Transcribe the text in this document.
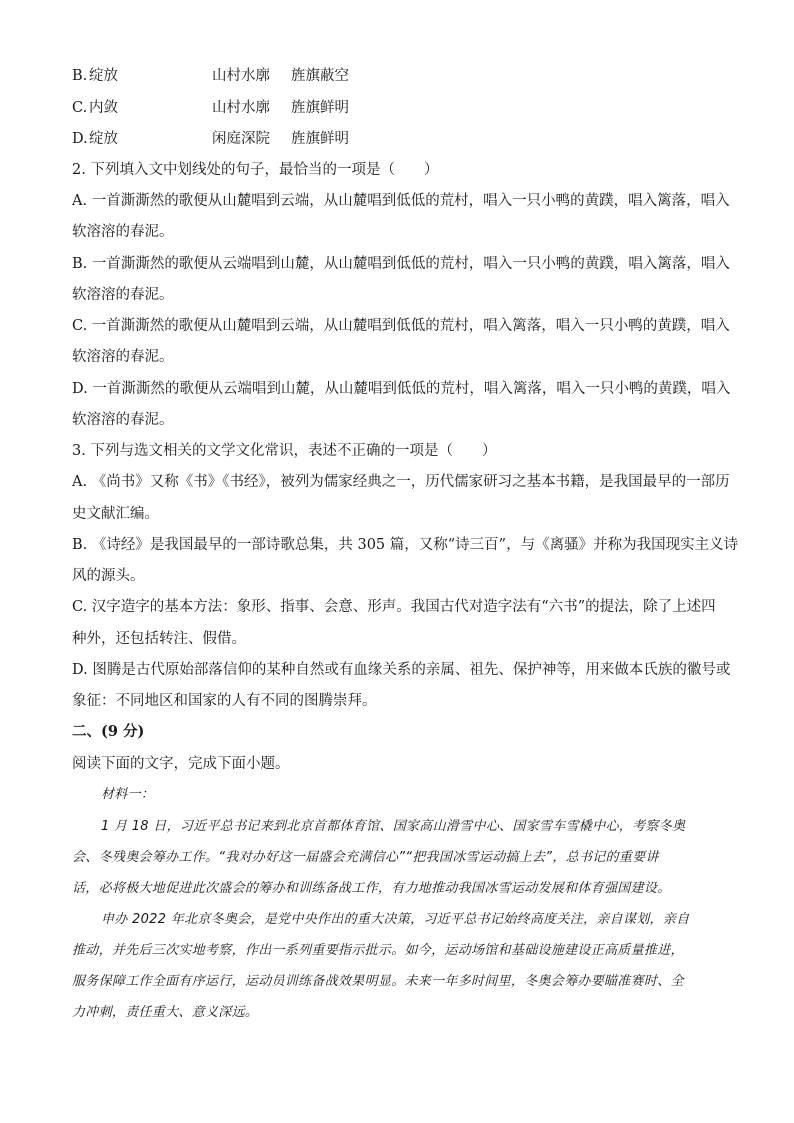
B. 绽放	山村水廓 旌旗蔽空
C. 内敛	山村水廓 旌旗鲜明
D.绽放	闲庭深院 旌旗鲜明
2. 下列填入文中划线处的句子，最恰当的一项是（　　）
A. 一首澌澌然的歌便从山麓唱到云端，从山麓唱到低低的荒村，唱入一只小鸭的黄蹼，唱入篱落，唱入
软溶溶的春泥。
B. 一首澌澌然的歌便从云端唱到山麓，从山麓唱到低低的荒村，唱入一只小鸭的黄蹼，唱入篱落，唱入
软溶溶的春泥。
C. 一首澌澌然的歌便从山麓唱到云端，从山麓唱到低低的荒村，唱入篱落，唱入一只小鸭的黄蹼，唱入
软溶溶的春泥。
D. 一首澌澌然的歌便从云端唱到山麓，从山麓唱到低低的荒村，唱入篱落，唱入一只小鸭的黄蹼，唱入
软溶溶的春泥。
3. 下列与选文相关的文学文化常识，表述不正确的一项是（　　）
A. 《尚书》又称《书》《书经》，被列为儒家经典之一，历代儒家研习之基本书籍，是我国最早的一部历
史文献汇编。
B. 《诗经》是我国最早的一部诗歌总集，共 305 篇，又称“诗三百”，与《离骚》并称为我国现实主义诗
风的源头。
C. 汉字造字的基本方法：象形、指事、会意、形声。我国古代对造字法有“六书”的提法，除了上述四
种外，还包括转注、假借。
D. 图腾是古代原始部落信仰的某种自然或有血缘关系的亲属、祖先、保护神等，用来做本氏族的徽号或
象征：不同地区和国家的人有不同的图腾崇拜。
二、(9 分)
阅读下面的文字，完成下面小题。
材料一：
1 月 18 日，习近平总书记来到北京首都体育馆、国家高山滑雪中心、国家雪车雪橇中心，考察冬奥
会、冬残奥会筹办工作。“我对办好这一届盛会充满信心”“把我国冰雪运动搞上去”，总书记的重要讲
话，必将极大地促进此次盛会的筹办和训练备战工作，有力地推动我国冰雪运动发展和体育强国建设。
申办 2022 年北京冬奥会，是党中央作出的重大决策，习近平总书记始终高度关注，亲自谋划，亲自
推动，并先后三次实地考察，作出一系列重要指示批示。如今，运动场馆和基础设施建设正高质量推进，
服务保障工作全面有序运行，运动员训练备战效果明显。未来一年多时间里，冬奥会筹办要瞄准赛时、全
力冲刺，责任重大、意义深远。
